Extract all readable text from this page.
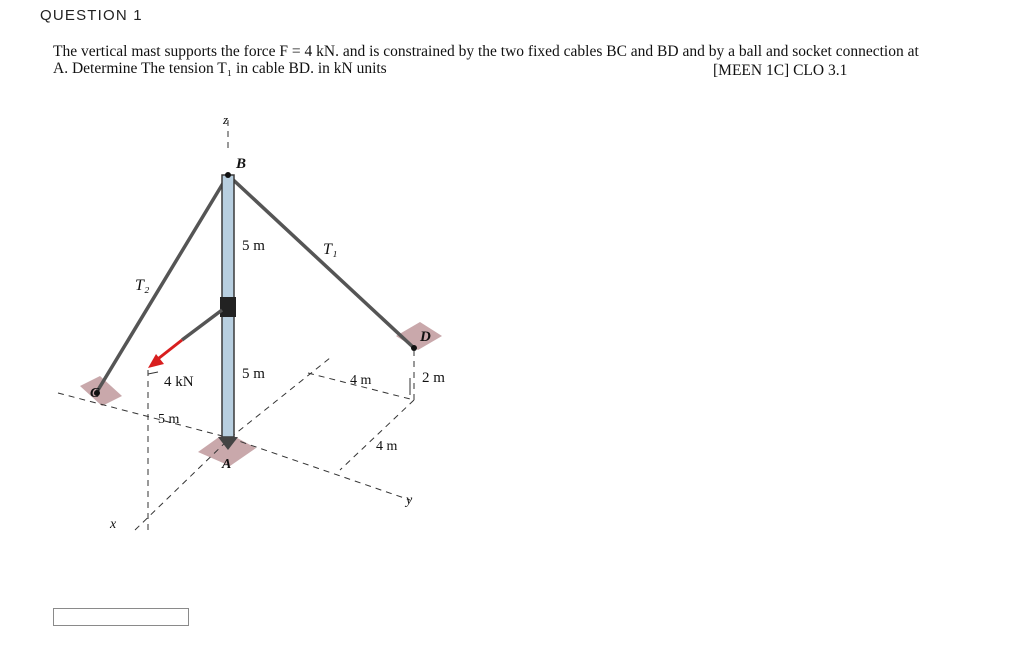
QUESTION 1
The vertical mast supports the force F = 4 kN. and is constrained by the two fixed cables BC and BD and by a ball and socket connection at
A. Determine The tension T₁ in cable BD. in kN units	[MEEN 1C] CLO 3.1
z
B
5 m	T₁
T₂
D
4 kN	5 m	4 m	2 m
C
5 m
4 m
A
y
x
